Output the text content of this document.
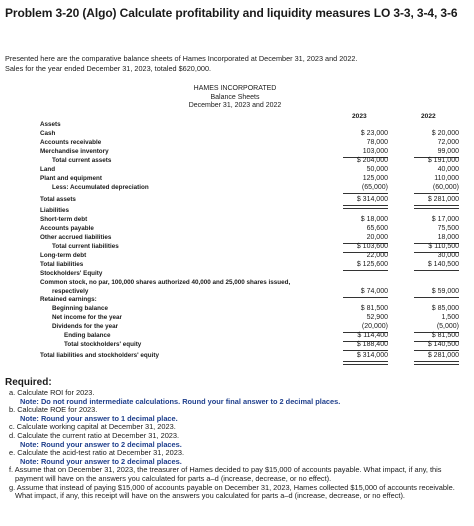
Problem 3-20 (Algo) Calculate profitability and liquidity measures LO 3-3, 3-4, 3-6
Presented here are the comparative balance sheets of Hames Incorporated at December 31, 2023 and 2022.
Sales for the year ended December 31, 2023, totaled $620,000.
HAMES INCORPORATED
Balance Sheets
December 31, 2023 and 2022
2023	2022
Assets
Cash	$ 23,000	$ 20,000
Accounts receivable	78,000	72,000
Merchandise inventory	103,000	99,000
Total current assets	$ 204,000	$ 191,000
Land	50,000	40,000
Plant and equipment	125,000	110,000
Less: Accumulated depreciation	(65,000)	(60,000)
Total assets	$ 314,000	$ 281,000
Liabilities
Short-term debt	$ 18,000	$ 17,000
Accounts payable	65,600	75,500
Other accrued liabilities	20,000	18,000
Total current liabilities	$ 103,600	$ 110,500
Long-term debt	22,000	30,000
Total liabilities	$ 125,600	$ 140,500
Stockholders' Equity
Common stock, no par, 100,000 shares authorized 40,000 and 25,000 shares issued,
respectively	$ 74,000	$ 59,000
Retained earnings:
Beginning balance	$ 81,500	$ 85,000
Net income for the year	52,900	1,500
Dividends for the year	(20,000)	(5,000)
Ending balance	$ 114,400	$ 81,500
Total stockholders' equity	$ 188,400	$ 140,500
Total liabilities and stockholders' equity	$ 314,000	$ 281,000
Required:
a. Calculate ROI for 2023.
Note: Do not round intermediate calculations. Round your final answer to 2 decimal places.
b. Calculate ROE for 2023.
Note: Round your answer to 1 decimal place.
c. Calculate working capital at December 31, 2023.
d. Calculate the current ratio at December 31, 2023.
Note: Round your answer to 2 decimal places.
e. Calculate the acid-test ratio at December 31, 2023.
Note: Round your answer to 2 decimal places.
f. Assume that on December 31, 2023, the treasurer of Hames decided to pay $15,000 of accounts payable. What impact, if any, this payment will have on the answers you calculated for parts a–d (increase, decrease, or no effect).
g. Assume that instead of paying $15,000 of accounts payable on December 31, 2023, Hames collected $15,000 of accounts receivable. What impact, if any, this receipt will have on the answers you calculated for parts a–d (increase, decrease, or no effect).
